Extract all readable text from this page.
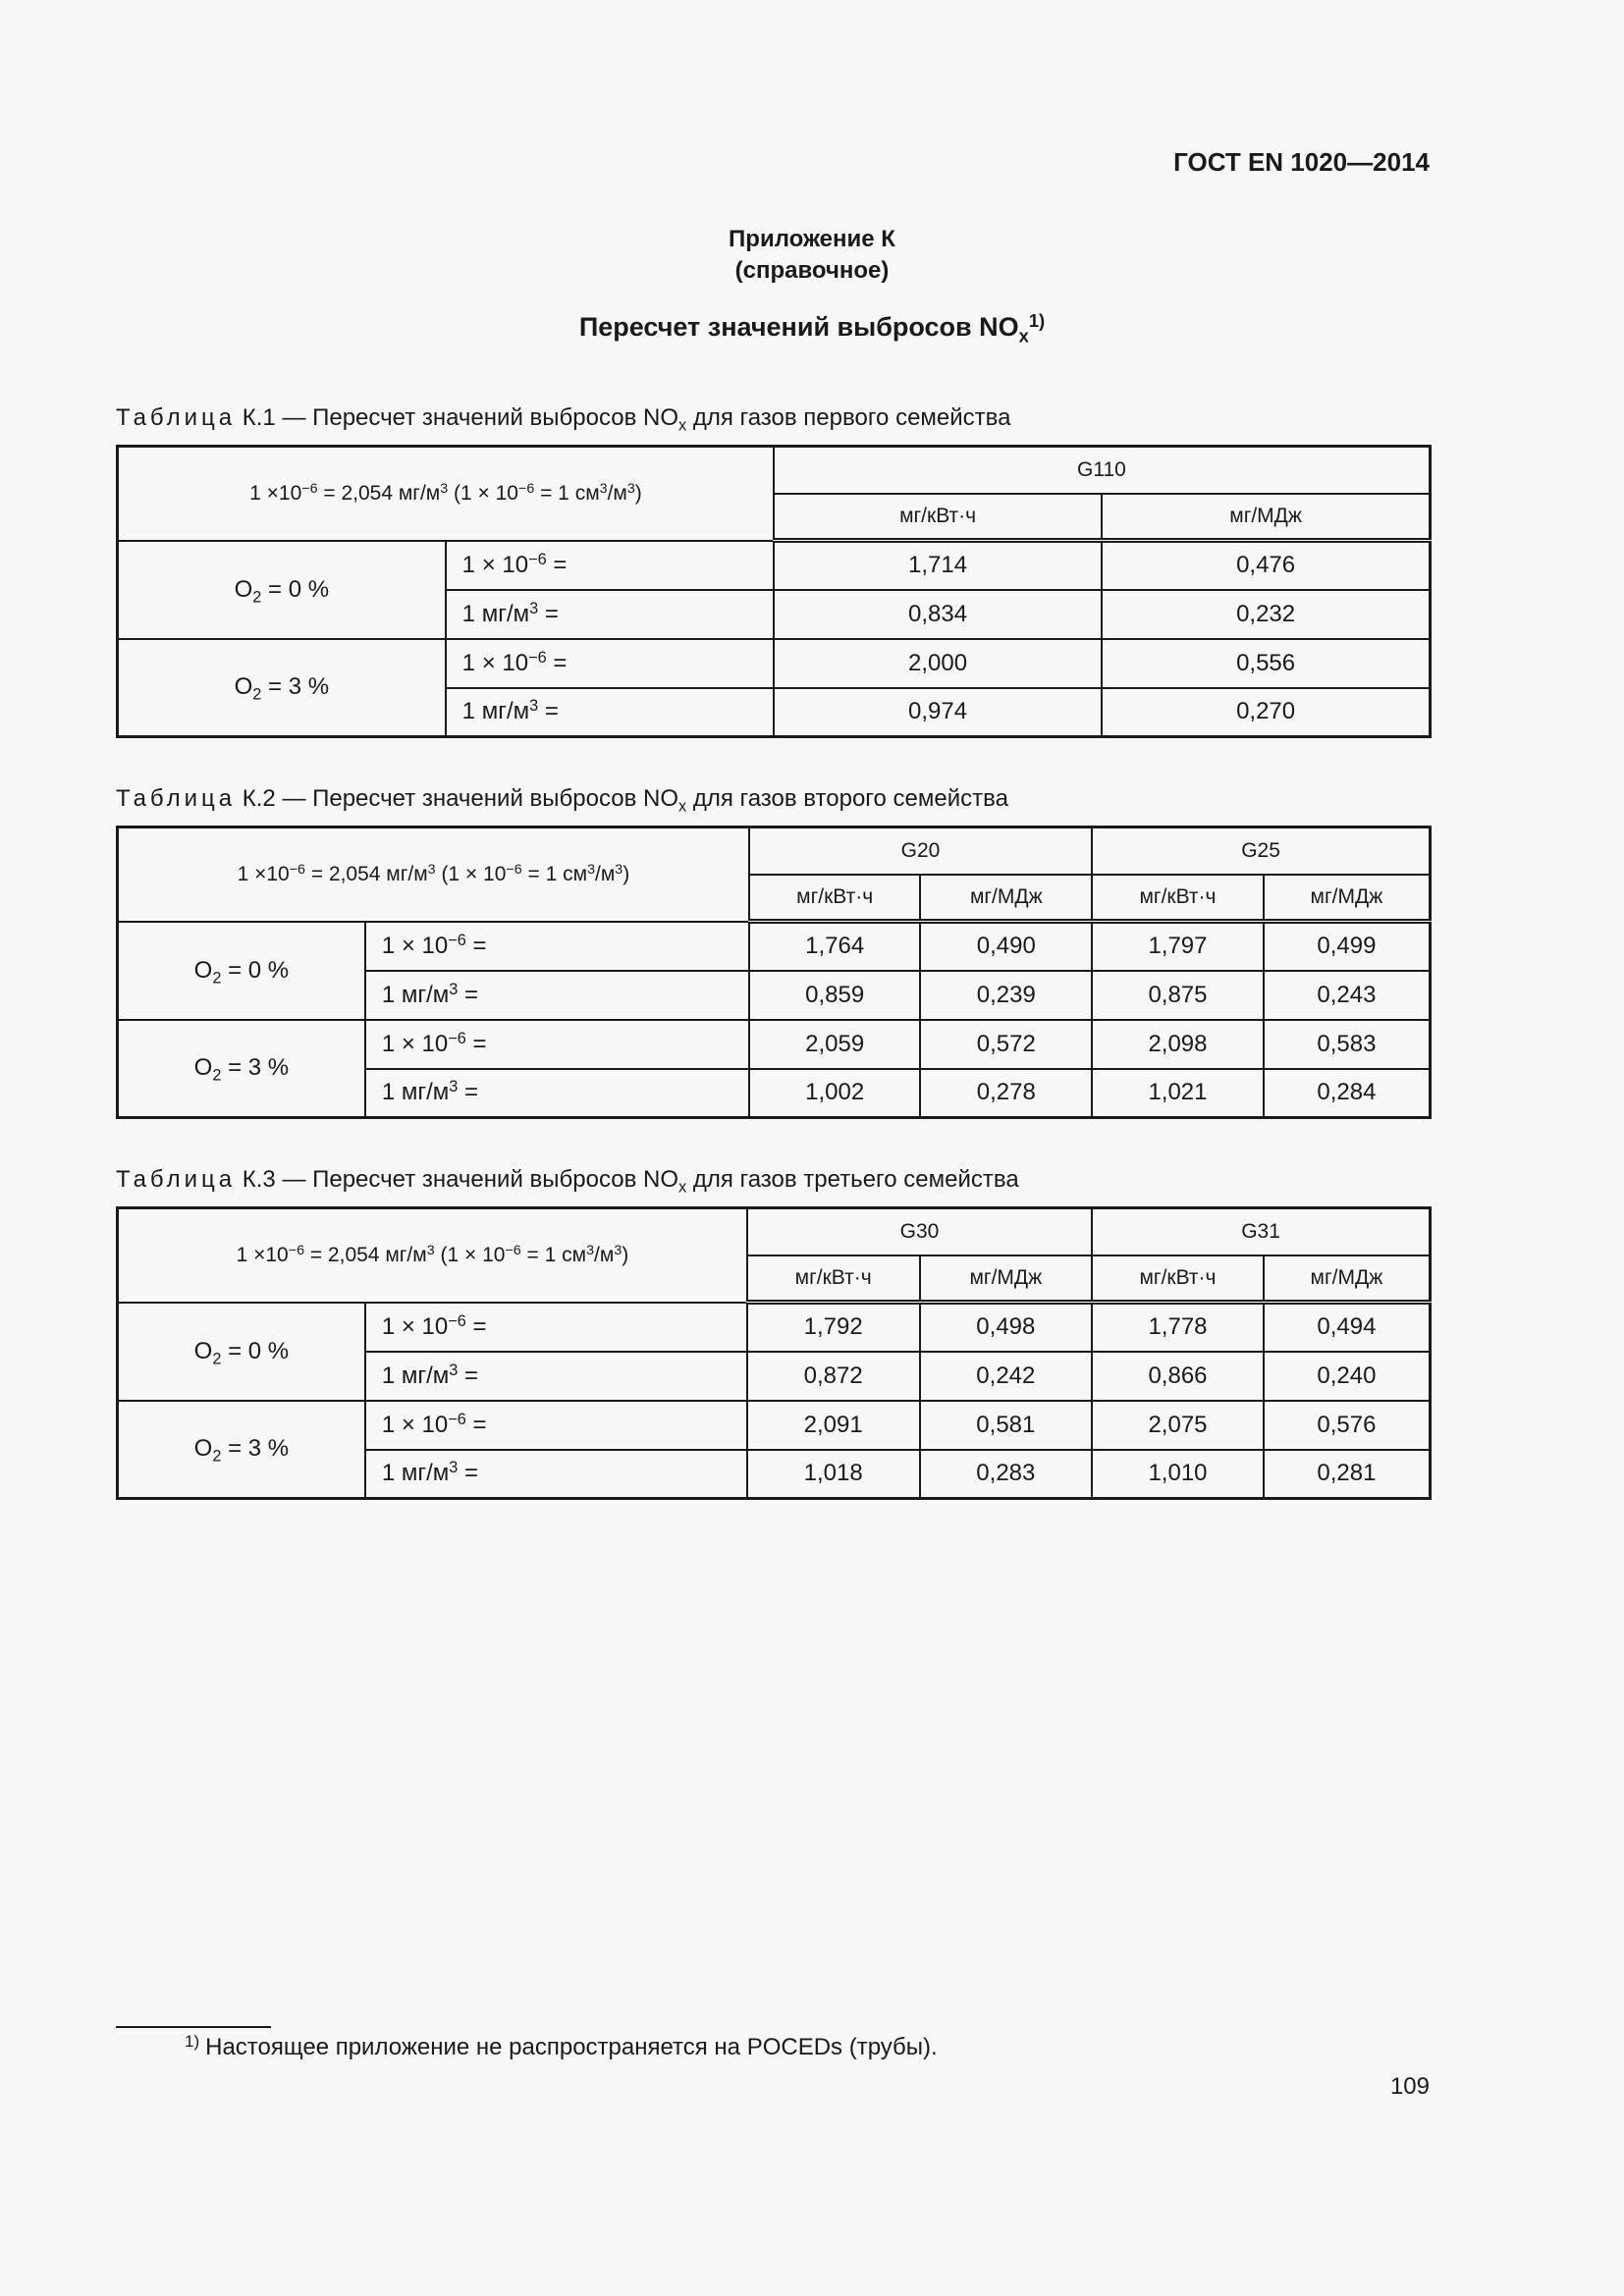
ГОСТ EN 1020—2014
Приложение К
(справочное)
Пересчет значений выбросов $NO_x^{1)}$
Таблица К.1 — Пересчет значений выбросов $NO_x$ для газов первого семейства
$1 \times 10^{-6} = 2,054$ $мг/м^3$ ($1 \times 10^{-6} = 1$ $см^3/м^3$)		G110	
		мг/кВт·ч	мг/МДж
$O_2 = 0$ %	$1 \times 10^{-6}$ =	1,714	0,476
	1 $мг/м^3$ =	0,834	0,232
$O_2 = 3$ %	$1 \times 10^{-6}$ =	2,000	0,556
	1 $мг/м^3$ =	0,974	0,270
Таблица К.2 — Пересчет значений выбросов $NO_x$ для газов второго семейства
$1 \times 10^{-6} = 2,054$ $мг/м^3$ ($1 \times 10^{-6} = 1$ $см^3/м^3$)		G20		G25	
		мг/кВт·ч	мг/МДж	мг/кВт·ч	мг/МДж
$O_2 = 0$ %	$1 \times 10^{-6}$ =	1,764	0,490	1,797	0,499
	1 $мг/м^3$ =	0,859	0,239	0,875	0,243
$O_2 = 3$ %	$1 \times 10^{-6}$ =	2,059	0,572	2,098	0,583
	1 $мг/м^3$ =	1,002	0,278	1,021	0,284
Таблица К.3 — Пересчет значений выбросов $NO_x$ для газов третьего семейства
$1 \times 10^{-6} = 2,054$ $мг/м^3$ ($1 \times 10^{-6} = 1$ $см^3/м^3$)		G30		G31	
		мг/кВт·ч	мг/МДж	мг/кВт·ч	мг/МДж
$O_2 = 0$ %	$1 \times 10^{-6}$ =	1,792	0,498	1,778	0,494
	1 $мг/м^3$ =	0,872	0,242	0,866	0,240
$O_2 = 3$ %	$1 \times 10^{-6}$ =	2,091	0,581	2,075	0,576
	1 $мг/м^3$ =	1,018	0,283	1,010	0,281
$^{1)}$ Настоящее приложение не распространяется на POCEDs (трубы).
109
